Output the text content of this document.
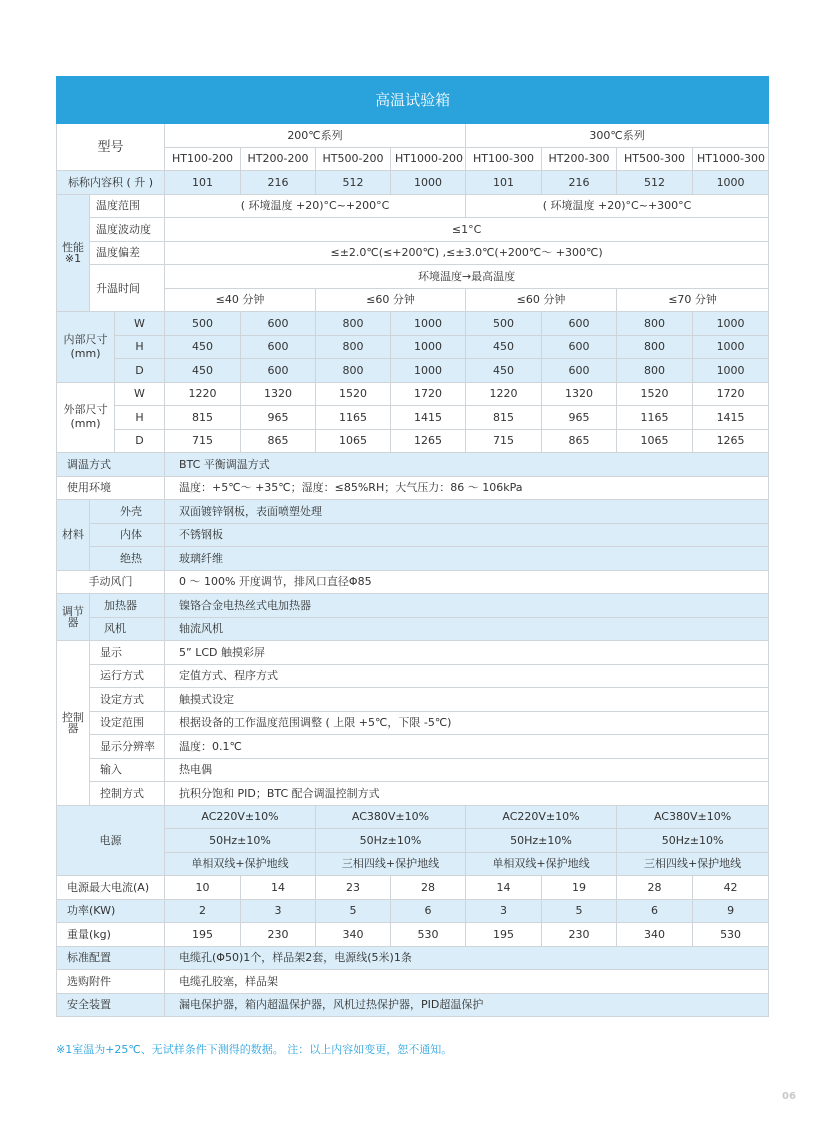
高温试验箱										
型号			200℃系列				300℃系列			
			HT100-200	HT200-200	HT500-200	HT1000-200	HT100-300	HT200-300	HT500-300	HT1000-300
标称内容积 ( 升 )			101	216	512	1000	101	216	512	1000
性能※1	温度范围		( 环境温度 +20)°C~+200°C				( 环境温度 +20)°C~+300°C			
	温度波动度		≤1°C							
	温度偏差		≤±2.0℃(≤+200℃) ,≤±3.0℃(+200℃～ +300℃)							
	升温时间		环境温度→最高温度							
			≤40 分钟		≤60 分钟		≤60 分钟		≤70 分钟	
内部尺寸 (mm)		W	500	600	800	1000	500	600	800	1000
		H	450	600	800	1000	450	600	800	1000
		D	450	600	800	1000	450	600	800	1000
外部尺寸 (mm)		W	1220	1320	1520	1720	1220	1320	1520	1720
		H	815	965	1165	1415	815	965	1165	1415
		D	715	865	1065	1265	715	865	1065	1265
调温方式			BTC 平衡调温方式							
使用环境			温度：+5℃～ +35℃；湿度：≤85%RH；大气压力：86 ～ 106kPa							
材料	外壳		双面镀锌钢板，表面喷塑处理							
	内体		不锈钢板							
	绝热		玻璃纤维							
手动风门			0 ～ 100% 开度调节，排风口直径Φ85							
调节器	加热器		镍铬合金电热丝式电加热器							
	风机		轴流风机							
控制器	显示		5” LCD 触摸彩屏							
	运行方式		定值方式、程序方式							
	设定方式		触摸式设定							
	设定范围		根据设备的工作温度范围调整 ( 上限 +5℃，下限 -5℃)							
	显示分辨率		温度：0.1℃							
	输入		热电偶							
	控制方式		抗积分饱和 PID；BTC 配合调温控制方式							
电源			AC220V±10%		AC380V±10%		AC220V±10%		AC380V±10%	
			50Hz±10%		50Hz±10%		50Hz±10%		50Hz±10%	
			单相双线+保护地线		三相四线+保护地线		单相双线+保护地线		三相四线+保护地线	
电源最大电流(A)			10	14	23	28	14	19	28	42
功率(KW)			2	3	5	6	3	5	6	9
重量(kg)			195	230	340	530	195	230	340	530
标准配置			电缆孔(Φ50)1个，样品架2套，电源线(5米)1条							
选购附件			电缆孔胶塞，样品架							
安全装置			漏电保护器，箱内超温保护器，风机过热保护器，PID超温保护							
※1室温为+25℃、无试样条件下测得的数据。 注：以上内容如变更，恕不通知。
06
